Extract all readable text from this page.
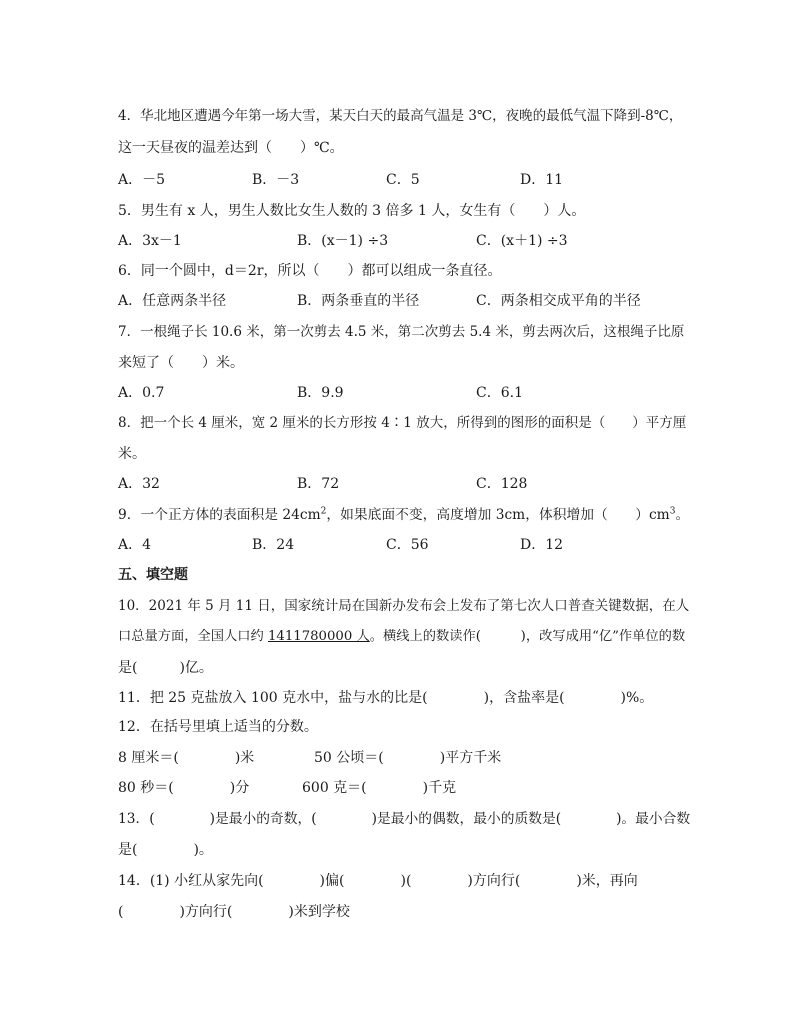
4．华北地区遭遇今年第一场大雪，某天白天的最高气温是 3℃，夜晚的最低气温下降到-8℃，
这一天昼夜的温差达到（　　）℃。
A．－5	B．－3	C．5	D．11
5．男生有 x 人，男生人数比女生人数的 3 倍多 1 人，女生有（　　）人。
A．3x－1	B．(x－1) ÷3	C．(x＋1) ÷3
6．同一个圆中，d＝2r，所以（　　）都可以组成一条直径。
A．任意两条半径	B．两条垂直的半径	C．两条相交成平角的半径
7．一根绳子长 10.6 米，第一次剪去 4.5 米，第二次剪去 5.4 米，剪去两次后，这根绳子比原
来短了（　　）米。
A．0.7	B．9.9	C．6.1
8．把一个长 4 厘米，宽 2 厘米的长方形按 4∶1 放大，所得到的图形的面积是（　　）平方厘
米。
A．32	B．72	C．128
9．一个正方体的表面积是 $24cm^2$，如果底面不变，高度增加 3cm，体积增加（　　）$cm^3$。
A．4	B．24	C．56	D．12
五、填空题
10．2021 年 5 月 11 日，国家统计局在国新办发布会上发布了第七次人口普查关键数据，在人
口总量方面，全国人口约 1411780000 人。横线上的数读作(　　　)，改写成用“亿”作单位的数
是(　　　)亿。
11．把 25 克盐放入 100 克水中，盐与水的比是(　　　　)，含盐率是(　　　　)%。
12．在括号里填上适当的分数。
8 厘米＝(　　　　)米	50 公顷＝(　　　　)平方千米
80 秒＝(　　　　)分	600 克＝(　　　　)千克
13．(　　　　)是最小的奇数，(　　　　)是最小的偶数，最小的质数是(　　　　)。最小合数
是(　　　　)。
14．(1) 小红从家先向(　　　　)偏(　　　　)(　　　　)方向行(　　　　)米，再向
(　　　　)方向行(　　　　)米到学校
